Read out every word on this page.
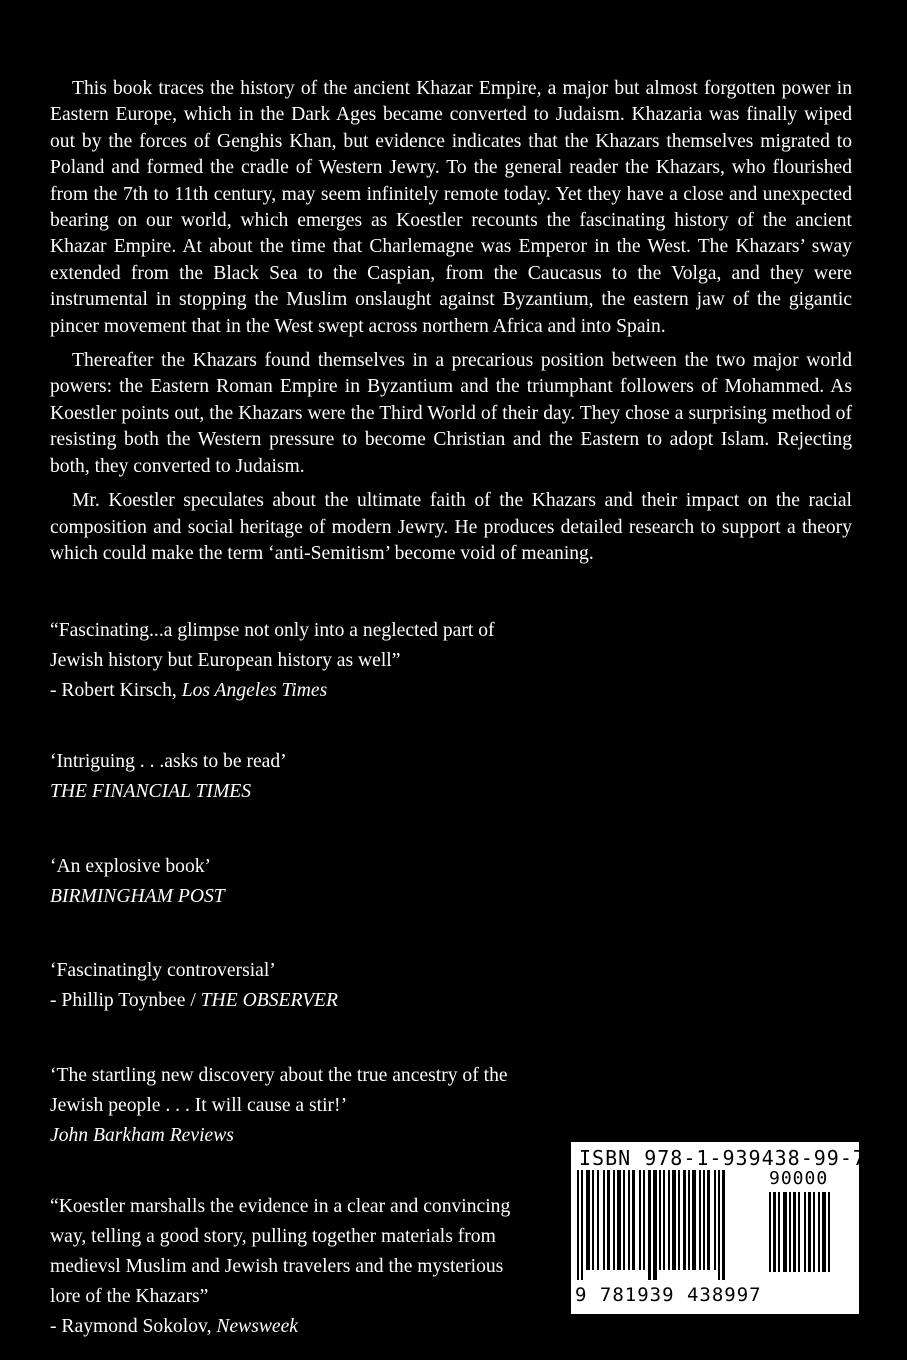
This book traces the history of the ancient Khazar Empire, a major but almost forgotten power in Eastern Europe, which in the Dark Ages became converted to Judaism. Khazaria was finally wiped out by the forces of Genghis Khan, but evidence indicates that the Khazars themselves migrated to Poland and formed the cradle of Western Jewry. To the general reader the Khazars, who flourished from the 7th to 11th century, may seem infinitely remote today. Yet they have a close and unexpected bearing on our world, which emerges as Koestler recounts the fascinating history of the ancient Khazar Empire. At about the time that Charlemagne was Emperor in the West. The Khazars’ sway extended from the Black Sea to the Caspian, from the Caucasus to the Volga, and they were instrumental in stopping the Muslim onslaught against Byzantium, the eastern jaw of the gigantic pincer movement that in the West swept across northern Africa and into Spain.

Thereafter the Khazars found themselves in a precarious position between the two major world powers: the Eastern Roman Empire in Byzantium and the triumphant followers of Mohammed. As Koestler points out, the Khazars were the Third World of their day. They chose a surprising method of resisting both the Western pressure to become Christian and the Eastern to adopt Islam. Rejecting both, they converted to Judaism.

Mr. Koestler speculates about the ultimate faith of the Khazars and their impact on the racial composition and social heritage of modern Jewry. He produces detailed research to support a theory which could make the term ‘anti-Semitism’ become void of meaning.

“Fascinating...a glimpse not only into a neglected part of
Jewish history but European history as well”
- Robert Kirsch, Los Angeles Times
‘Intriguing . . .asks to be read’
THE FINANCIAL TIMES
‘An explosive book’
BIRMINGHAM POST
‘Fascinatingly controversial’
- Phillip Toynbee / THE OBSERVER
‘The startling new discovery about the true ancestry of the
Jewish people . . . It will cause a stir!’
John Barkham Reviews
“Koestler marshalls the evidence in a clear and convincing
way, telling a good story, pulling together materials from
medievsl Muslim and Jewish travelers and the mysterious
lore of the Khazars”
- Raymond Sokolov, Newsweek
ISBN 978-1-939438-99-7
90000
9 781939 438997
